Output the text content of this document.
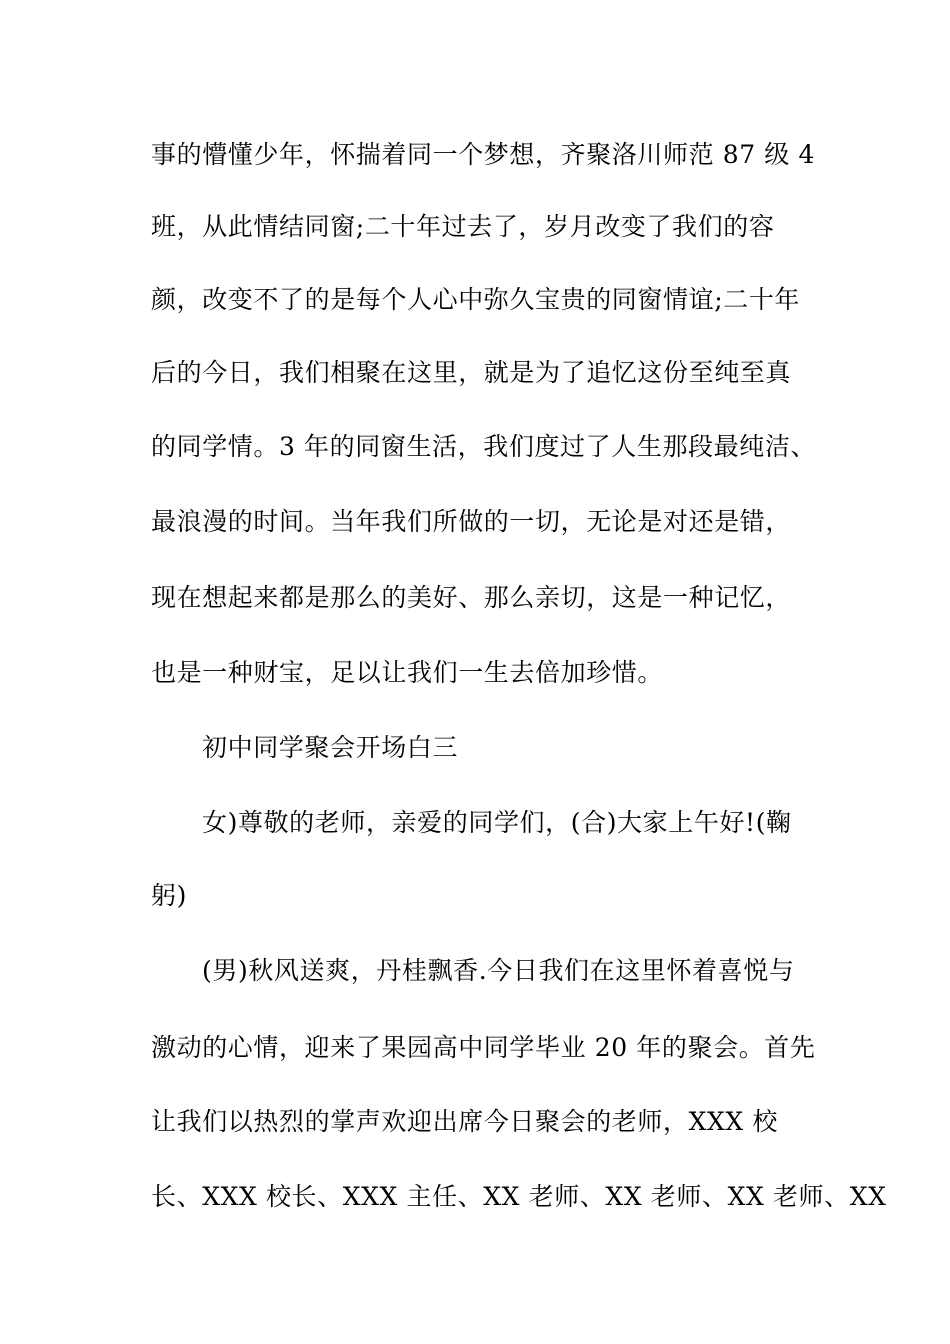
事的懵懂少年，怀揣着同一个梦想，齐聚洛川师范 87 级 4
班，从此情结同窗;二十年过去了，岁月改变了我们的容
颜，改变不了的是每个人心中弥久宝贵的同窗情谊;二十年
后的今日，我们相聚在这里，就是为了追忆这份至纯至真
的同学情。3 年的同窗生活，我们度过了人生那段最纯洁、
最浪漫的时间。当年我们所做的一切，无论是对还是错，
现在想起来都是那么的美好、那么亲切，这是一种记忆，
也是一种财宝，足以让我们一生去倍加珍惜。
初中同学聚会开场白三
女)尊敬的老师，亲爱的同学们，(合)大家上午好!(鞠
躬)
(男)秋风送爽，丹桂飘香.今日我们在这里怀着喜悦与
激动的心情，迎来了果园高中同学毕业 20 年的聚会。首先
让我们以热烈的掌声欢迎出席今日聚会的老师，XXX 校
长、XXX 校长、XXX 主任、XX 老师、XX 老师、XX 老师、XX
